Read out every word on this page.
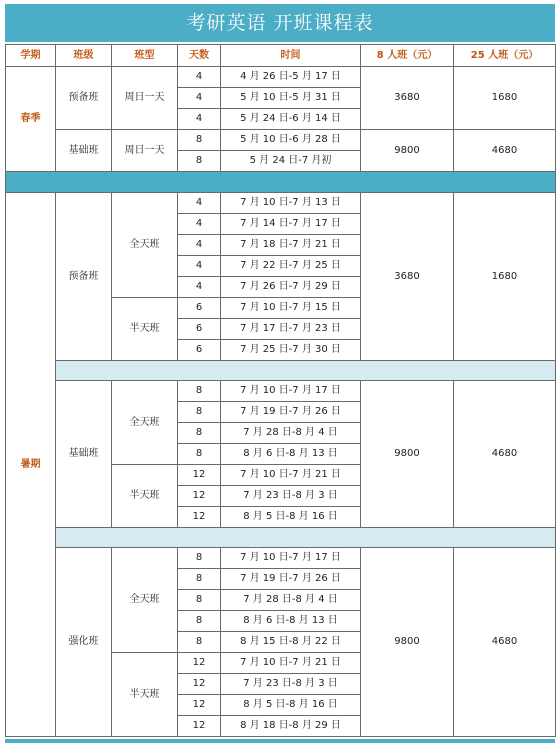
考研英语 开班课程表
学期	班级	班型	天数	时间	8 人班（元）	25 人班（元）
春季	预备班	周日一天	4	4 月 26 日-5 月 17 日	3680	1680
			4	5 月 10 日-5 月 31 日		
			4	5 月 24 日-6 月 14 日		
	基础班	周日一天	8	5 月 10 日-6 月 28 日	9800	4680
			8	5 月 24 日-7 月初		

暑期	预备班	全天班	4	7 月 10 日-7 月 13 日	3680	1680
			4	7 月 14 日-7 月 17 日		
			4	7 月 18 日-7 月 21 日		
			4	7 月 22 日-7 月 25 日		
			4	7 月 26 日-7 月 29 日		
		半天班	6	7 月 10 日-7 月 15 日		
			6	7 月 17 日-7 月 23 日		
			6	7 月 25 日-7 月 30 日		

	基础班	全天班	8	7 月 10 日-7 月 17 日	9800	4680
			8	7 月 19 日-7 月 26 日		
			8	7 月 28 日-8 月 4 日		
			8	8 月 6 日-8 月 13 日		
		半天班	12	7 月 10 日-7 月 21 日		
			12	7 月 23 日-8 月 3 日		
			12	8 月 5 日-8 月 16 日		

	强化班	全天班	8	7 月 10 日-7 月 17 日	9800	4680
			8	7 月 19 日-7 月 26 日		
			8	7 月 28 日-8 月 4 日		
			8	8 月 6 日-8 月 13 日		
			8	8 月 15 日-8 月 22 日		
		半天班	12	7 月 10 日-7 月 21 日		
			12	7 月 23 日-8 月 3 日		
			12	8 月 5 日-8 月 16 日		
			12	8 月 18 日-8 月 29 日		
